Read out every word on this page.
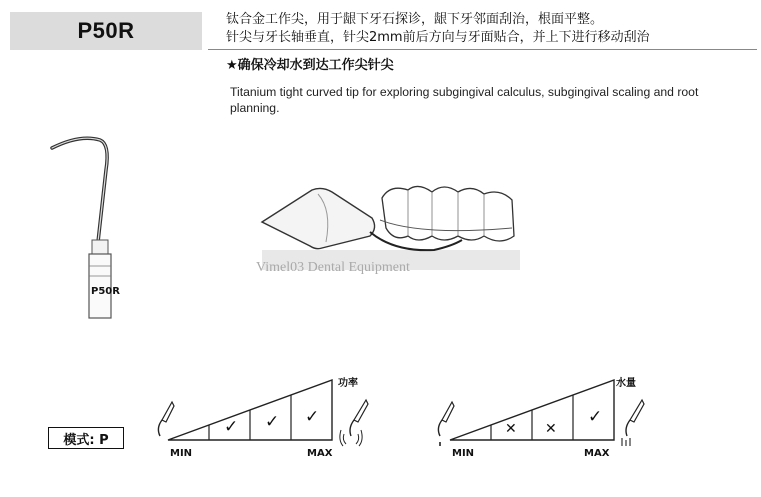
P50R	钛合金工作尖，用于龈下牙石探诊，龈下牙邻面刮治，根面平整。
针尖与牙长轴垂直，针尖2mm前后方向与牙面贴合，并上下进行移动刮治
★确保冷却水到达工作尖针尖
Titanium tight curved tip for exploring subgingival calculus, subgingival scaling and root planning.
P50R
Vimel03 Dental Equipment
模式: P
✓ ✓ ✓
MIN	MAX
功率
✕ ✕
✓
MIN	MAX
水量
